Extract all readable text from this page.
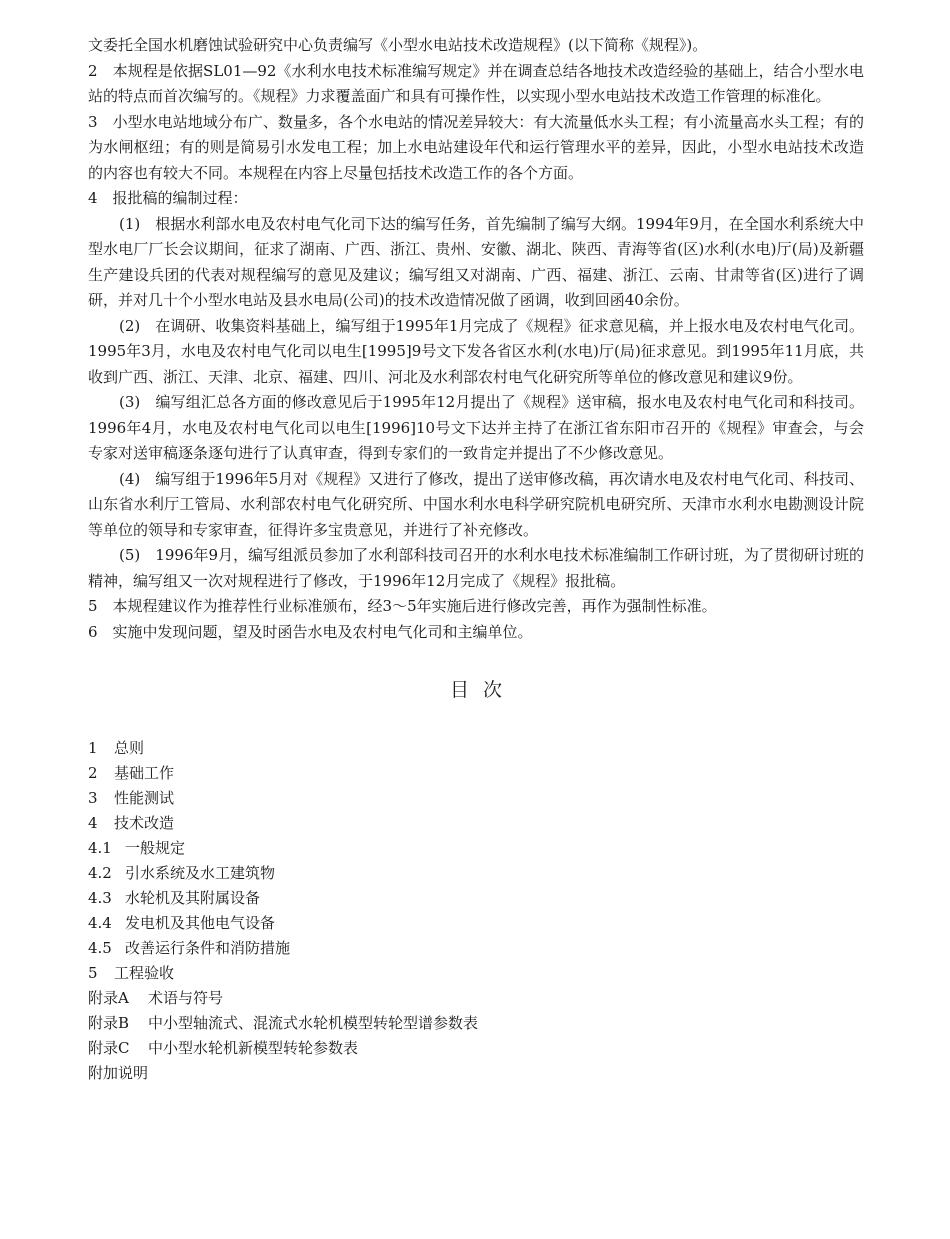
文委托全国水机磨蚀试验研究中心负责编写《小型水电站技术改造规程》(以下简称《规程》)。

2　本规程是依据SL01—92《水利水电技术标准编写规定》并在调查总结各地技术改造经验的基础上，结合小型水电站的特点而首次编写的。《规程》力求覆盖面广和具有可操作性，以实现小型水电站技术改造工作管理的标准化。

3　小型水电站地域分布广、数量多，各个水电站的情况差异较大：有大流量低水头工程；有小流量高水头工程；有的为水闸枢纽；有的则是简易引水发电工程；加上水电站建设年代和运行管理水平的差异，因此，小型水电站技术改造的内容也有较大不同。本规程在内容上尽量包括技术改造工作的各个方面。

4　报批稿的编制过程：

(1)　根据水利部水电及农村电气化司下达的编写任务，首先编制了编写大纲。1994年9月，在全国水利系统大中型水电厂厂长会议期间，征求了湖南、广西、浙江、贵州、安徽、湖北、陕西、青海等省(区)水利(水电)厅(局)及新疆生产建设兵团的代表对规程编写的意见及建议；编写组又对湖南、广西、福建、浙江、云南、甘肃等省(区)进行了调研，并对几十个小型水电站及县水电局(公司)的技术改造情况做了函调，收到回函40余份。

(2)　在调研、收集资料基础上，编写组于1995年1月完成了《规程》征求意见稿，并上报水电及农村电气化司。1995年3月，水电及农村电气化司以电生[1995]9号文下发各省区水利(水电)厅(局)征求意见。到1995年11月底，共收到广西、浙江、天津、北京、福建、四川、河北及水利部农村电气化研究所等单位的修改意见和建议9份。

(3)　编写组汇总各方面的修改意见后于1995年12月提出了《规程》送审稿，报水电及农村电气化司和科技司。1996年4月，水电及农村电气化司以电生[1996]10号文下达并主持了在浙江省东阳市召开的《规程》审查会，与会专家对送审稿逐条逐句进行了认真审查，得到专家们的一致肯定并提出了不少修改意见。

(4)　编写组于1996年5月对《规程》又进行了修改，提出了送审修改稿，再次请水电及农村电气化司、科技司、山东省水利厅工管局、水利部农村电气化研究所、中国水利水电科学研究院机电研究所、天津市水利水电勘测设计院等单位的领导和专家审查，征得许多宝贵意见，并进行了补充修改。

(5)　1996年9月，编写组派员参加了水利部科技司召开的水利水电技术标准编制工作研讨班，为了贯彻研讨班的精神，编写组又一次对规程进行了修改，于1996年12月完成了《规程》报批稿。

5　本规程建议作为推荐性行业标准颁布，经3～5年实施后进行修改完善，再作为强制性标准。

6　实施中发现问题，望及时函告水电及农村电气化司和主编单位。

目次
1 总则
2 基础工作
3 性能测试
4 技术改造
4.1 一般规定
4.2 引水系统及水工建筑物
4.3 水轮机及其附属设备
4.4 发电机及其他电气设备
4.5 改善运行条件和消防措施
5 工程验收
附录A 术语与符号
附录B 中小型轴流式、混流式水轮机模型转轮型谱参数表
附录C 中小型水轮机新模型转轮参数表
附加说明
